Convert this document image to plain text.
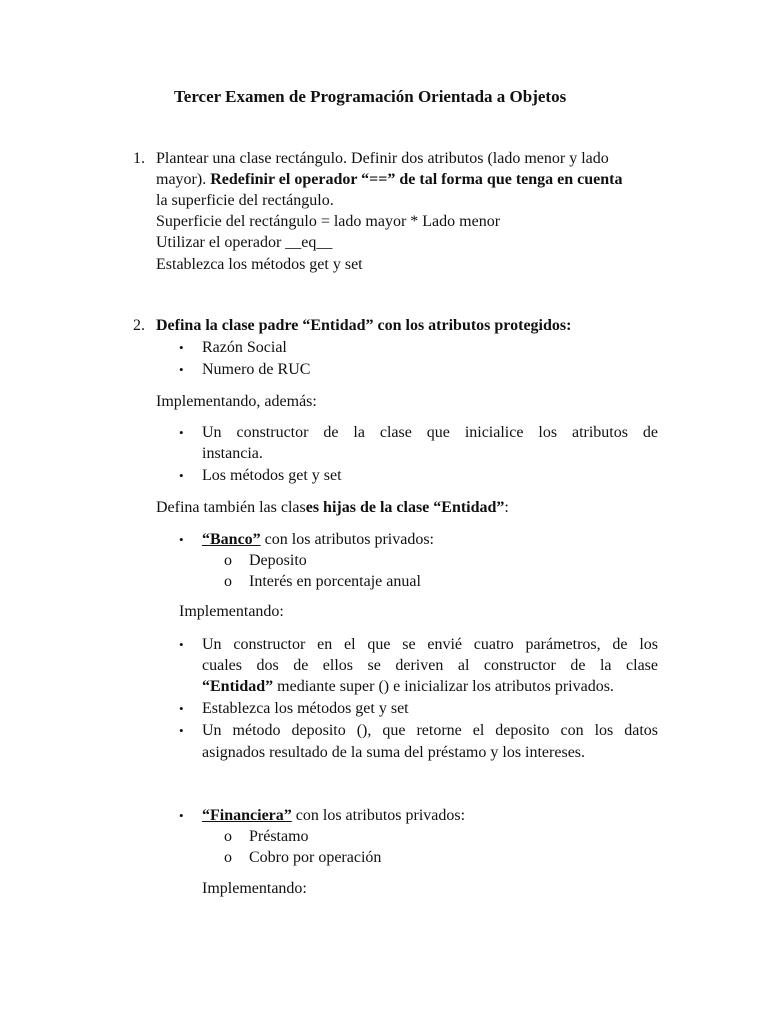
Tercer Examen de Programación Orientada a Objetos
1. Plantear una clase rectángulo. Definir dos atributos (lado menor y lado
mayor). Redefinir el operador “==” de tal forma que tenga en cuenta
la superficie del rectángulo.
Superficie del rectángulo = lado mayor * Lado menor
Utilizar el operador __eq__
Establezca los métodos get y set
2. Defina la clase padre “Entidad” con los atributos protegidos:
• Razón Social
• Numero de RUC
Implementando, además:
• Un constructor de la clase que inicialice los atributos de
instancia.
• Los métodos get y set
Defina también las clases hijas de la clase “Entidad”:
• “Banco” con los atributos privados:
o Deposito
o Interés en porcentaje anual
Implementando:
• Un constructor en el que se envié cuatro parámetros, de los
cuales dos de ellos se deriven al constructor de la clase
“Entidad” mediante super () e inicializar los atributos privados.
• Establezca los métodos get y set
• Un método deposito (), que retorne el deposito con los datos
asignados resultado de la suma del préstamo y los intereses.
• “Financiera” con los atributos privados:
o Préstamo
o Cobro por operación
Implementando:
